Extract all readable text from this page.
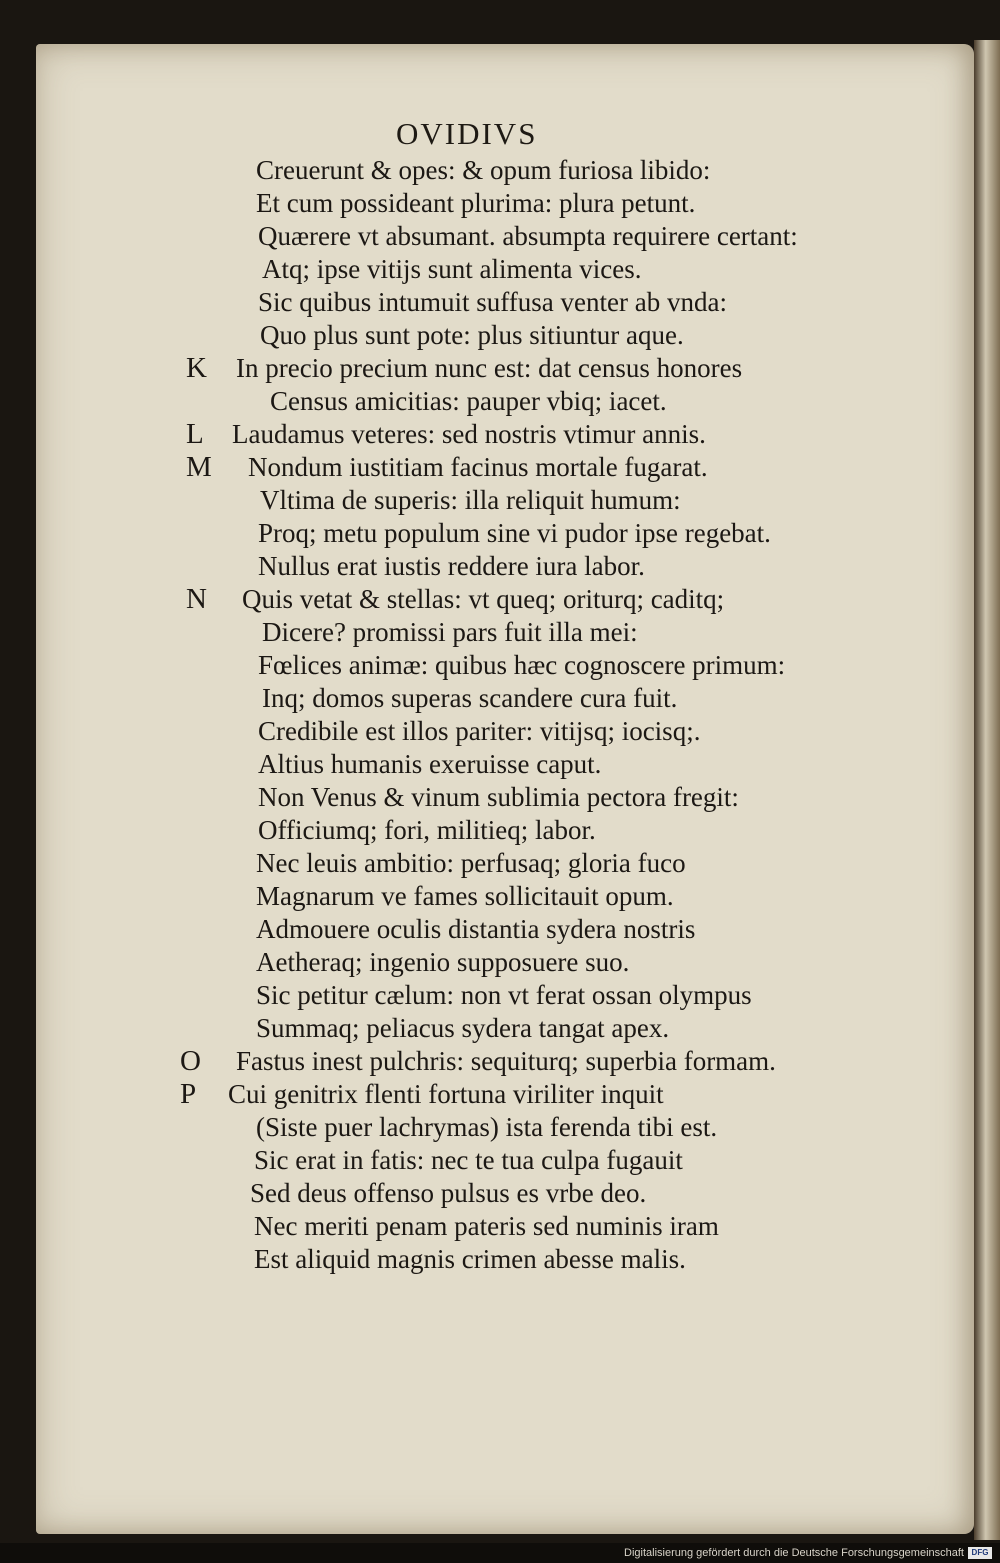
OVIDIVS
Creuerunt & opes: & opum furiosa libido:
Et cum possideant plurima: plura petunt.
Quærere vt absumant. absumpta requirere certant:
Atq; ipse vitijs sunt alimenta vices.
Sic quibus intumuit suffusa venter ab vnda:
Quo plus sunt pote: plus sitiuntur aque.
K In precio precium nunc est: dat census honores
Census amicitias: pauper vbiq; iacet.
L Laudamus veteres: sed nostris vtimur annis.
M Nondum iustitiam facinus mortale fugarat.
Vltima de superis: illa reliquit humum:
Proq; metu populum sine vi pudor ipse regebat.
Nullus erat iustis reddere iura labor.
N Quis vetat & stellas: vt queq; oriturq; caditq;
Dicere? promissi pars fuit illa mei:
Fœlices animæ: quibus hæc cognoscere primum:
Inq; domos superas scandere cura fuit.
Credibile est illos pariter: vitijsq; iocisq;.
Altius humanis exeruisse caput.
Non Venus & vinum sublimia pectora fregit:
Officiumq; fori, militieq; labor.
Nec leuis ambitio: perfusaq; gloria fuco
Magnarum ve fames sollicitauit opum.
Admouere oculis distantia sydera nostris
Aetheraq; ingenio supposuere suo.
Sic petitur cælum: non vt ferat ossan olympus
Summaq; peliacus sydera tangat apex.
O Fastus inest pulchris: sequiturq; superbia formam.
P Cui genitrix flenti fortuna viriliter inquit
(Siste puer lachrymas) ista ferenda tibi est.
Sic erat in fatis: nec te tua culpa fugauit
Sed deus offenso pulsus es vrbe deo.
Nec meriti penam pateris sed numinis iram
Est aliquid magnis crimen abesse malis.
Digitalisierung gefördert durch die Deutsche Forschungsgemeinschaft DFG
